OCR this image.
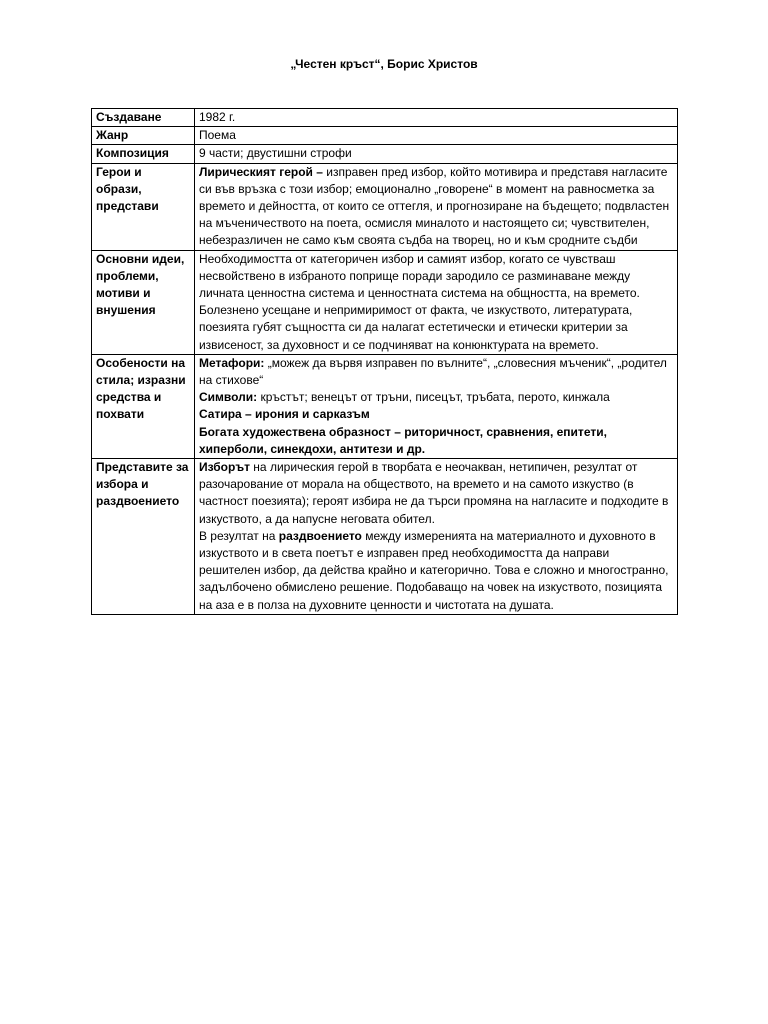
„Честен кръст“, Борис Христов
Създаване	1982 г.
Жанр	Поема
Композиция	9 части; двустишни строфи
Герои и образи, представи	Лирическият герой – изправен пред избор, който мотивира и представя нагласите си във връзка с този избор; емоционално „говорене“ в момент на равносметка за времето и дейността, от които се оттегля, и прогнозиране на бъдещето; подвластен на мъченичеството на поета, осмисля миналото и настоящето си; чувствителен, небезразличен не само към своята съдба на творец, но и към сродните съдби
Основни идеи, проблеми, мотиви и внушения	Необходимостта от категоричен избор и самият избор, когато се чувстваш несвойствено в избраното поприще поради зародило се разминаване между личната ценностна система и ценностната система на общността, на времето. Болезнено усещане и непримиримост от факта, че изкуството, литературата, поезията губят същността си да налагат естетически и етически критерии за извисеност, за духовност и се подчиняват на конюнктурата на времето.
Особености на стила; изразни средства и похвати	Метафори: „можеж да вървя изправен по вълните“, „словесния мъченик“, „родител на стихове“
Символи: кръстът; венецът от тръни, писецът, тръбата, перото, кинжала
Сатира – ирония и сарказъм
Богата художествена образност – риторичност, сравнения, епитети, хиперболи, синекдохи, антитези и др.

Представите за избора и раздвоението	Изборът на лирическия герой в творбата е неочакван, нетипичен, резултат от разочарование от морала на обществото, на времето и на самото изкуство (в частност поезията); героят избира не да търси промяна на нагласите и подходите в изкуството, а да напусне неговата обител.
В резултат на раздвоението между измеренията на материалното и духовното в изкуството и в света поетът е изправен пред необходимостта да направи решителен избор, да действа крайно и категорично. Това е сложно и многостранно, задълбочено обмислено решение. Подобаващо на човек на изкуството, позицията на аза е в полза на духовните ценности и чистотата на душата.
